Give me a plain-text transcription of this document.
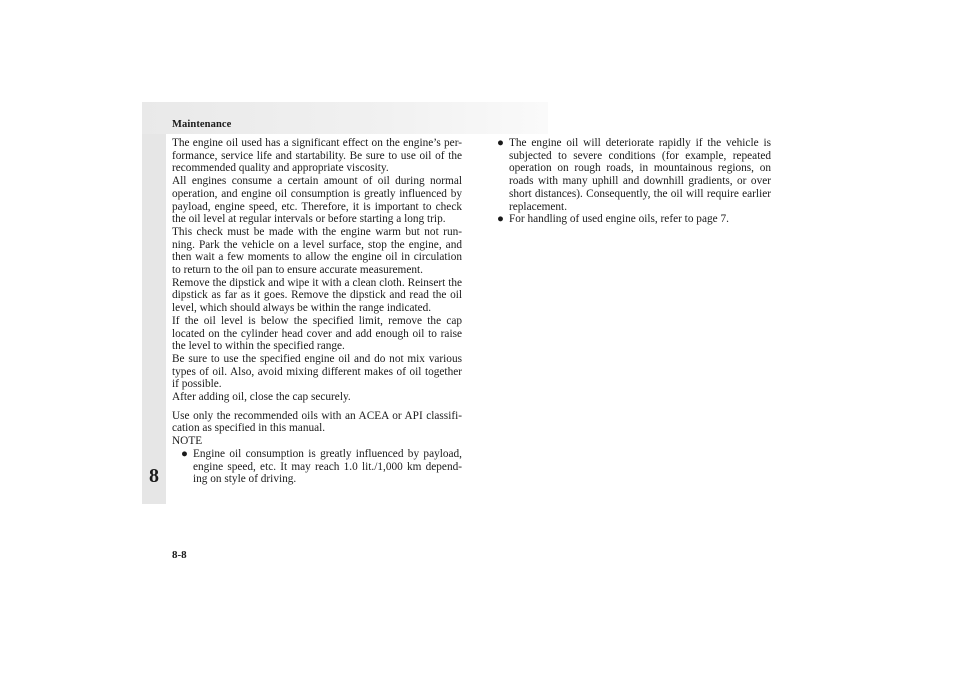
Maintenance
8

The engine oil used has a significant effect on the engine’s per-formance, service life and startability. Be sure to use oil of the recommended quality and appropriate viscosity.

All engines consume a certain amount of oil during normal operation, and engine oil consumption is greatly influenced by payload, engine speed, etc. Therefore, it is important to check the oil level at regular intervals or before starting a long trip.

This check must be made with the engine warm but not run-ning. Park the vehicle on a level surface, stop the engine, and then wait a few moments to allow the engine oil in circulation to return to the oil pan to ensure accurate measurement.

Remove the dipstick and wipe it with a clean cloth. Reinsert the dipstick as far as it goes. Remove the dipstick and read the oil level, which should always be within the range indicated.

If the oil level is below the specified limit, remove the cap located on the cylinder head cover and add enough oil to raise the level to within the specified range.

Be sure to use the specified engine oil and do not mix various types of oil. Also, avoid mixing different makes of oil together if possible.

After adding oil, close the cap securely.

Use only the recommended oils with an ACEA or API classifi-cation as specified in this manual.

NOTE

● Engine oil consumption is greatly influenced by payload, engine speed, etc. It may reach 1.0 lit./1,000 km depend-ing on style of driving.
● The engine oil will deteriorate rapidly if the vehicle is subjected to severe conditions (for example, repeated operation on rough roads, in mountainous regions, on roads with many uphill and downhill gradients, or over short distances). Consequently, the oil will require earlier replacement.
● For handling of used engine oils, refer to page 7.
8-8
